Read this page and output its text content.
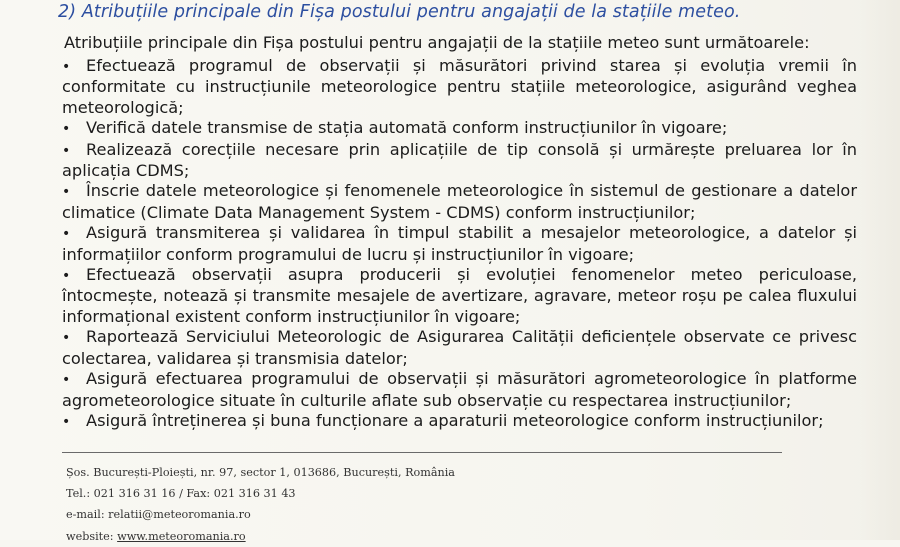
2) Atribuțiile principale din Fișa postului pentru angajații de la stațiile meteo.
Atribuțiile principale din Fișa postului pentru angajații de la stațiile meteo sunt următoarele:
• Efectuează programul de observații și măsurători privind starea și evoluția vremii în conformitate cu instrucțiunile meteorologice pentru stațiile meteorologice, asigurând veghea meteorologică;
• Verifică datele transmise de stația automată conform instrucțiunilor în vigoare;
• Realizează corecțiile necesare prin aplicațiile de tip consolă și urmărește preluarea lor în aplicația CDMS;
• Înscrie datele meteorologice și fenomenele meteorologice în sistemul de gestionare a datelor climatice (Climate Data Management System - CDMS) conform instrucțiunilor;
• Asigură transmiterea și validarea în timpul stabilit a mesajelor meteorologice, a datelor și informațiilor conform programului de lucru și instrucțiunilor în vigoare;
• Efectuează observații asupra producerii și evoluției fenomenelor meteo periculoase, întocmește, notează și transmite mesajele de avertizare, agravare, meteor roșu pe calea fluxului informațional existent conform instrucțiunilor în vigoare;
• Raportează Serviciului Meteorologic de Asigurarea Calității deficiențele observate ce privesc colectarea, validarea și transmisia datelor;
• Asigură efectuarea programului de observații și măsurători agrometeorologice în platforme agrometeorologice situate în culturile aflate sub observație cu respectarea instrucțiunilor;
• Asigură întreținerea și buna funcționare a aparaturii meteorologice conform instrucțiunilor;
Șos. București-Ploiești, nr. 97, sector 1, 013686, București, România
Tel.: 021 316 31 16 / Fax: 021 316 31 43
e-mail: relatii@meteoromania.ro
website: www.meteoromania.ro
